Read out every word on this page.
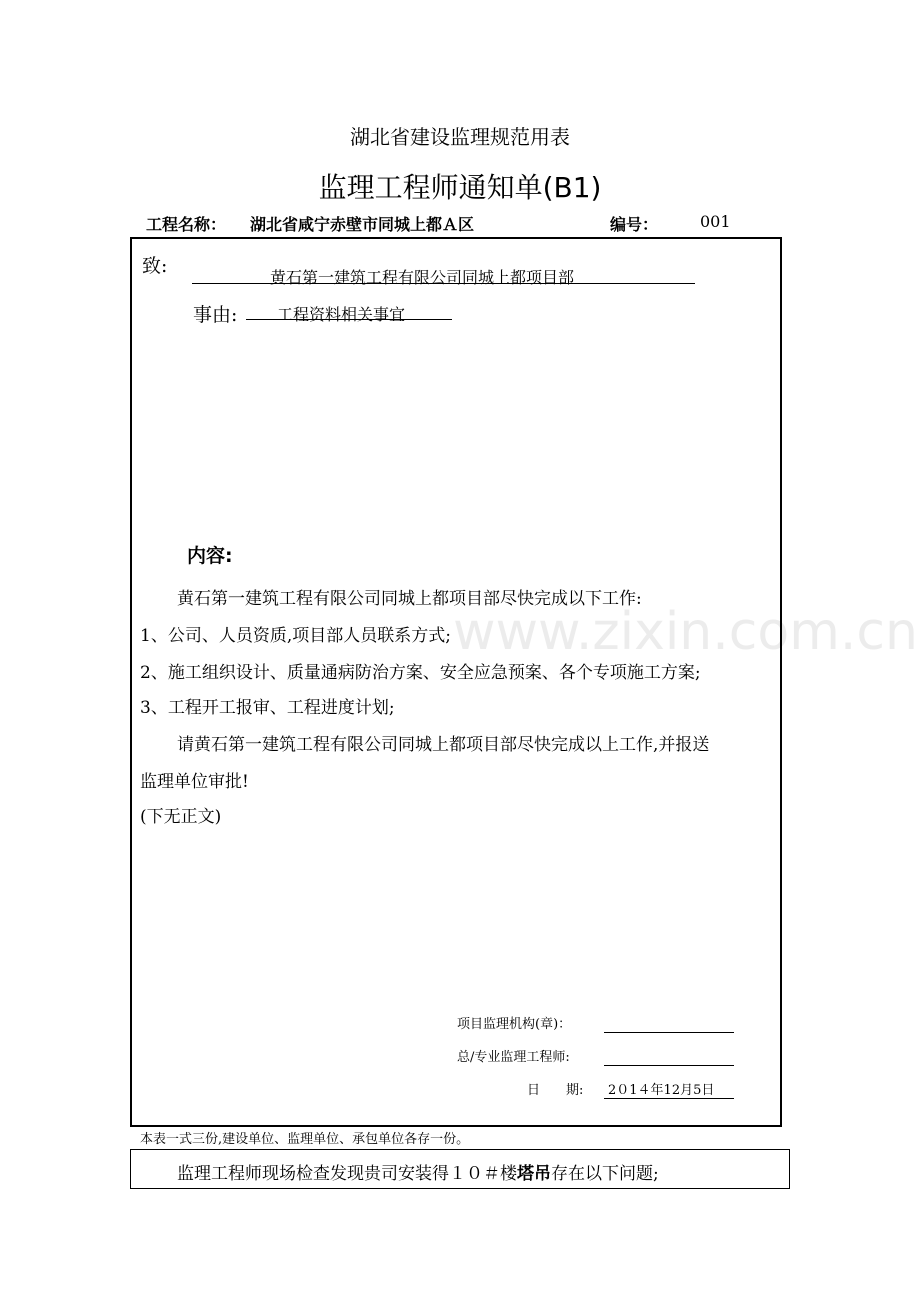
www.zixin.com.cn
湖北省建设监理规范用表
监理工程师通知单(B1)
工程名称： 湖北省咸宁赤壁市同城上都Ａ区	编号：	001
致:
黄石第一建筑工程有限公司同城上都项目部
事由: 工程资料相关事宜
内容:
黄石第一建筑工程有限公司同城上都项目部尽快完成以下工作:
1、公司、人员资质,项目部人员联系方式;
2、施工组织设计、质量通病防治方案、安全应急预案、各个专项施工方案;
3、工程开工报审、工程进度计划;
请黄石第一建筑工程有限公司同城上都项目部尽快完成以上工作,并报送
监理单位审批!
(下无正文)
项目监理机构(章)：
总/专业监理工程师:
日　　期: 2０1４年12月5日
本表一式三份,建设单位、监理单位、承包单位各存一份。
监理工程师现场检查发现贵司安装得１０＃楼塔吊存在以下问题;
